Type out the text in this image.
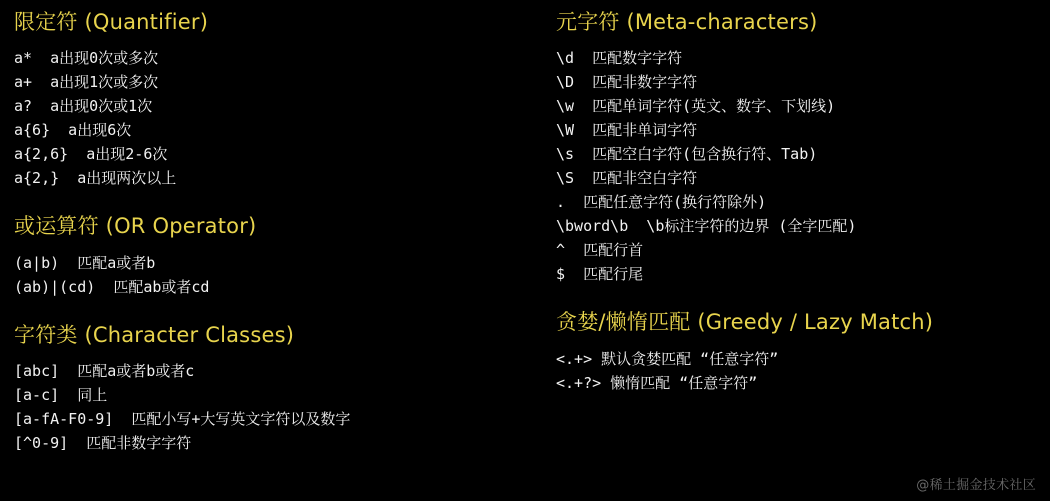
限定符 (Quantifier)
a*  a出现0次或多次
a+  a出现1次或多次
a?  a出现0次或1次
a{6}  a出现6次
a{2,6}  a出现2-6次
a{2,}  a出现两次以上
或运算符 (OR Operator)
(a|b)  匹配a或者b
(ab)|(cd)  匹配ab或者cd
字符类 (Character Classes)
[abc]  匹配a或者b或者c
[a-c]  同上
[a-fA-F0-9]  匹配小写+大写英文字符以及数字
[^0-9]  匹配非数字字符
元字符 (Meta-characters)
\d  匹配数字字符
\D  匹配非数字字符
\w  匹配单词字符(英文、数字、下划线)
\W  匹配非单词字符
\s  匹配空白字符(包含换行符、Tab)
\S  匹配非空白字符
.  匹配任意字符(换行符除外)
\bword\b  \b标注字符的边界 (全字匹配)
^  匹配行首
$  匹配行尾
贪婪/懒惰匹配 (Greedy / Lazy Match)
<.+> 默认贪婪匹配 “任意字符”
<.+?> 懒惰匹配 “任意字符”
@稀土掘金技术社区
